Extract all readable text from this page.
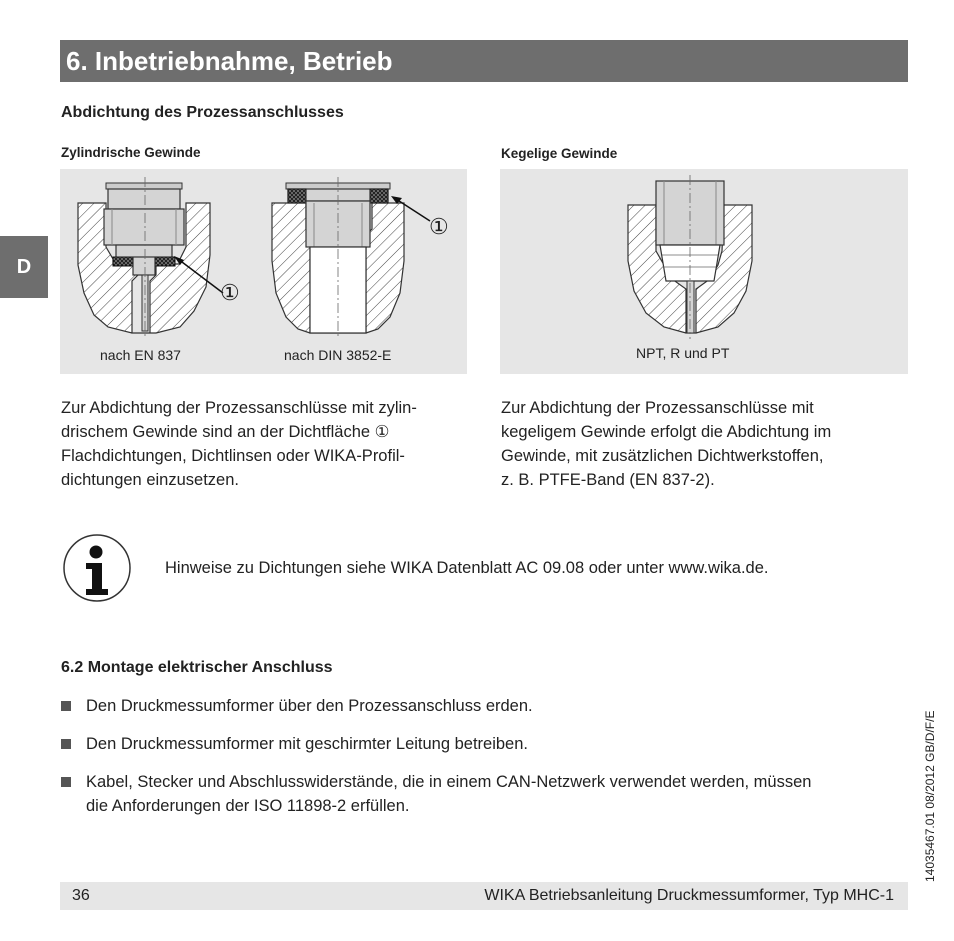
6. Inbetriebnahme, Betrieb
D
Abdichtung des Prozessanschlusses
Zylindrische Gewinde	Kegelige Gewinde
①
①
nach EN 837	nach DIN 3852-E	NPT, R und PT
Zur Abdichtung der Prozessanschlüsse mit zylin-
drischem Gewinde sind an der Dichtfläche ①
Flachdichtungen, Dichtlinsen oder WIKA-Profil-
dichtungen einzusetzen.
Zur Abdichtung der Prozessanschlüsse mit
kegeligem Gewinde erfolgt die Abdichtung im
Gewinde, mit zusätzlichen Dichtwerkstoffen,
z. B. PTFE-Band (EN 837-2).
Hinweise zu Dichtungen siehe WIKA Datenblatt AC 09.08 oder unter www.wika.de.
6.2 Montage elektrischer Anschluss
Den Druckmessumformer über den Prozessanschluss erden.
Den Druckmessumformer mit geschirmter Leitung betreiben.
Kabel, Stecker und Abschlusswiderstände, die in einem CAN-Netzwerk verwendet werden, müssen
die Anforderungen der ISO 11898-2 erfüllen.
36	WIKA Betriebsanleitung Druckmessumformer, Typ MHC-1
14035467.01 08/2012 GB/D/F/E
